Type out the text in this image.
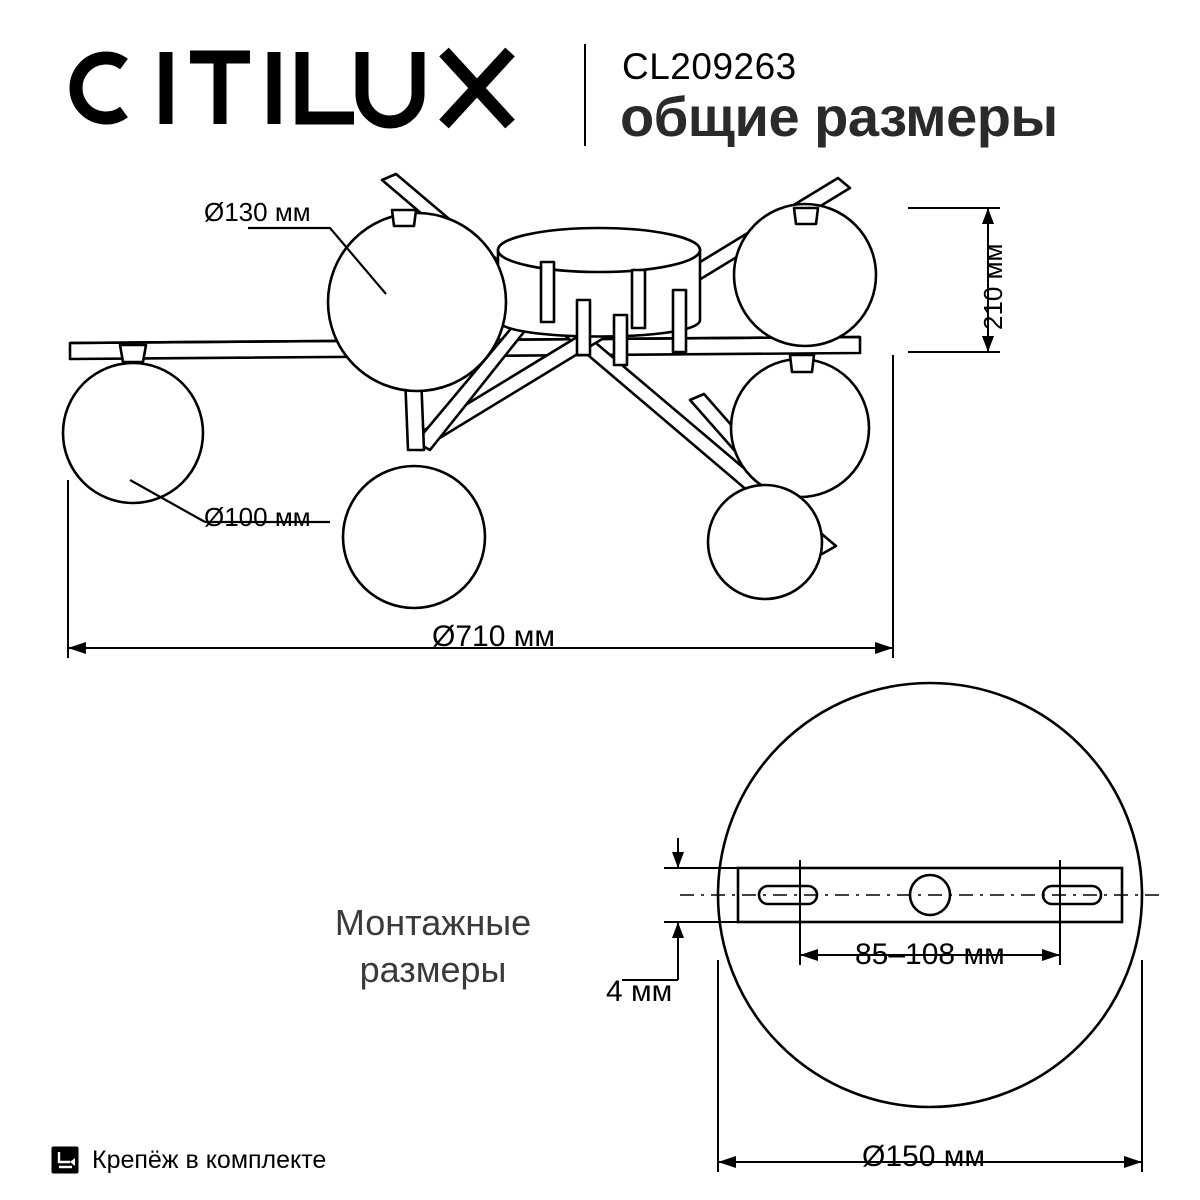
CL209263
общие размеры
Ø130 мм
Ø100 мм
210 мм
Ø710 мм
85–108 мм
4 мм
Ø150 мм
Монтажные
размеры
Крепёж в комплекте
